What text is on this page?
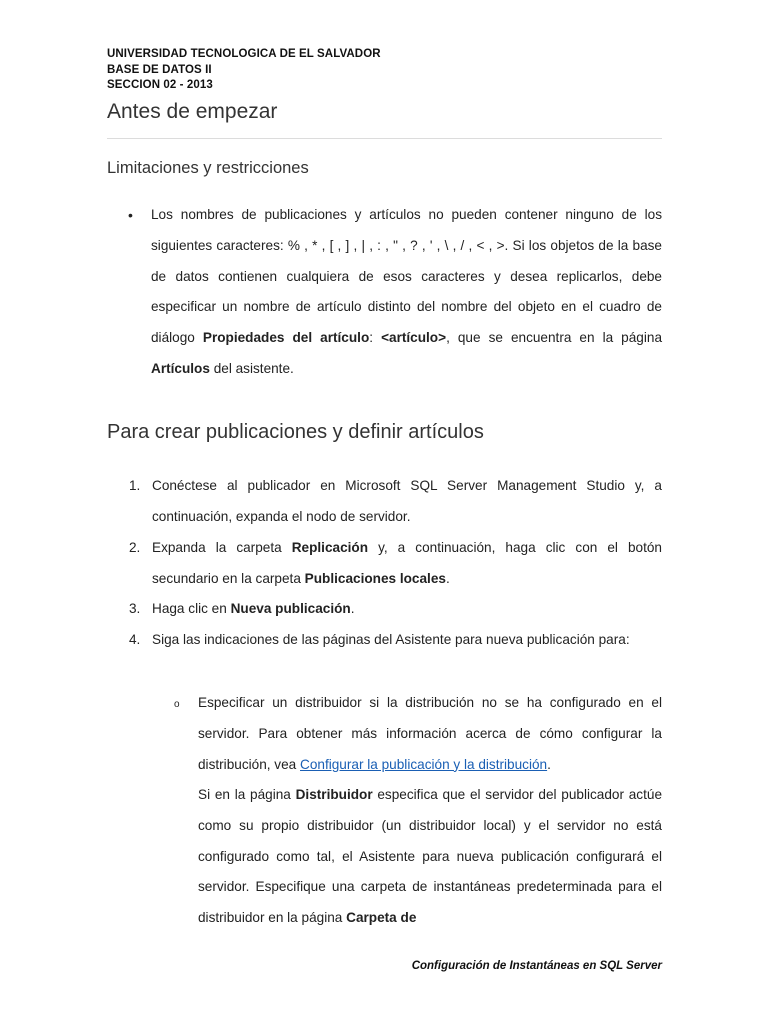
UNIVERSIDAD TECNOLOGICA DE EL SALVADOR
BASE DE DATOS II
SECCION 02 - 2013
Antes de empezar
Limitaciones y restricciones
• Los nombres de publicaciones y artículos no pueden contener ninguno de los siguientes caracteres: % , * , [ , ] , | , : , " , ? , ' , \ , / , < , >. Si los objetos de la base de datos contienen cualquiera de esos caracteres y desea replicarlos, debe especificar un nombre de artículo distinto del nombre del objeto en el cuadro de diálogo Propiedades del artículo: <artículo>, que se encuentra en la página Artículos del asistente.
Para crear publicaciones y definir artículos
1. Conéctese al publicador en Microsoft SQL Server Management Studio y, a continuación, expanda el nodo de servidor.
2. Expanda la carpeta Replicación y, a continuación, haga clic con el botón secundario en la carpeta Publicaciones locales.
3. Haga clic en Nueva publicación.
4. Siga las indicaciones de las páginas del Asistente para nueva publicación para:
o Especificar un distribuidor si la distribución no se ha configurado en el servidor. Para obtener más información acerca de cómo configurar la distribución, vea Configurar la publicación y la distribución.
Si en la página Distribuidor especifica que el servidor del publicador actúe como su propio distribuidor (un distribuidor local) y el servidor no está configurado como tal, el Asistente para nueva publicación configurará el servidor. Especifique una carpeta de instantáneas predeterminada para el distribuidor en la página Carpeta de
Configuración de Instantáneas en SQL Server
